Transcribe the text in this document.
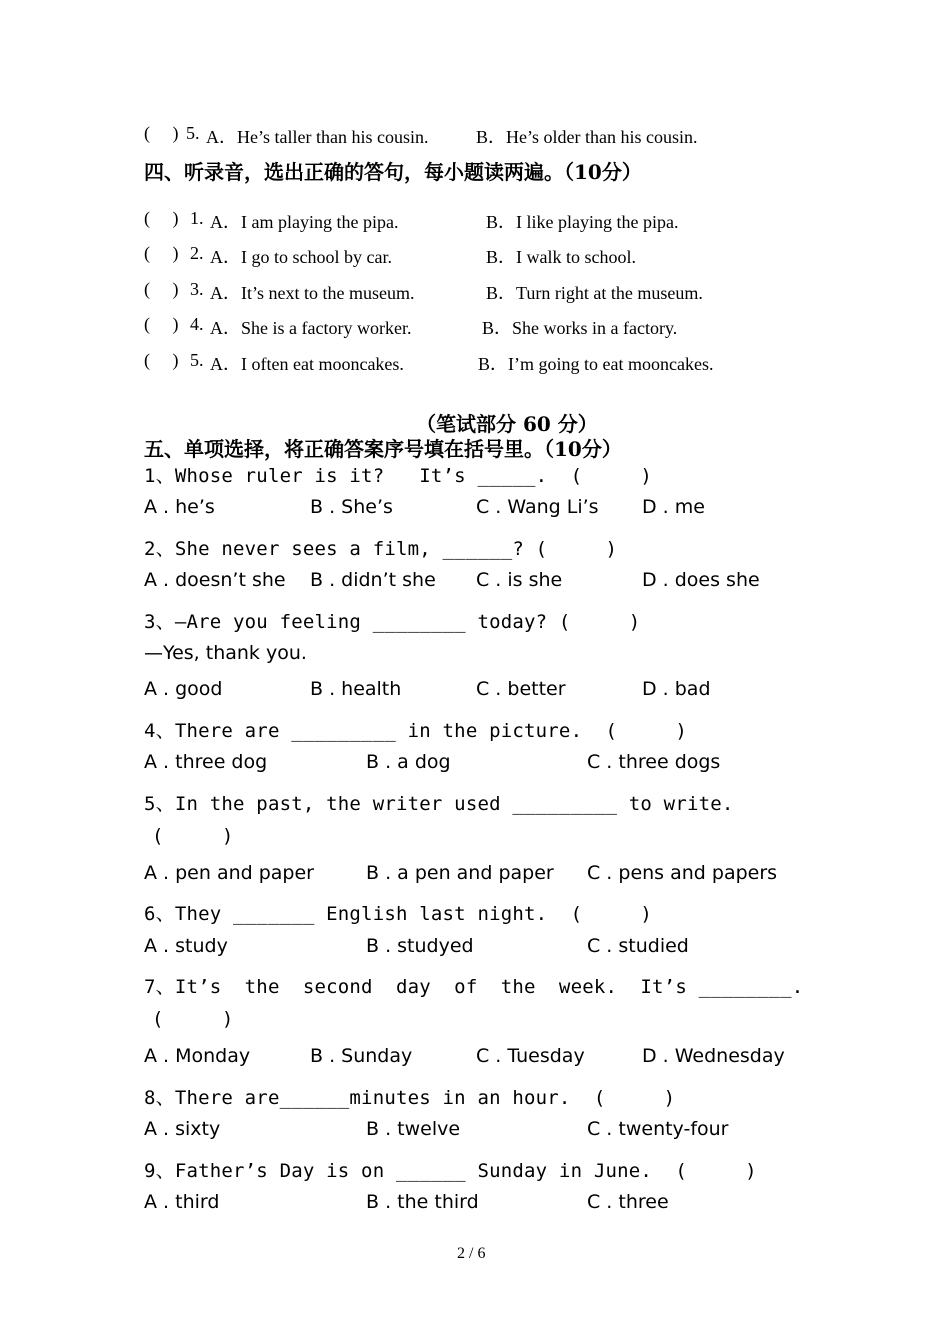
(     ) 5. A．He’s taller than his cousin.	B．He’s older than his cousin.
四、听录音，选出正确的答句，每小题读两遍。（10分）
(     ) 1. A．I am playing the pipa.	B．I like playing the pipa.
(     ) 2. A．I go to school by car.	B．I walk to school.
(     ) 3. A．It’s next to the museum.	B．Turn right at the museum.
(     ) 4. A．She is a factory worker.	B．She works in a factory.
(     ) 5. A．I often eat mooncakes.	B．I’m going to eat mooncakes.
（笔试部分 60 分）
五、单项选择，将正确答案序号填在括号里。（10分）
1、Whose ruler is it?   It’s _____.  (     )
A . he’s	B . She’s	C . Wang Li’s D . me
2、She never sees a film, ______? (     )
A . doesn’t she B . didn’t she C . is she	D . does she
3、—Are you feeling ________ today? (     )
—Yes, thank you.
A . good	B . health	C . better	D . bad
4、There are _________ in the picture.  (     )
A . three dog	B . a dog	C . three dogs
5、In the past, the writer used _________ to write.
(     )
A . pen and paper	B . a pen and paper C . pens and papers
6、They _______ English last night.  (     )
A . study	B . studyed	C . studied
7、It’s  the  second  day  of  the  week.  It’s ________.
(     )
A . Monday	B . Sunday	C . Tuesday	D . Wednesday
8、There are______minutes in an hour.  (     )
A . sixty	B . twelve	C . twenty-four
9、Father’s Day is on ______ Sunday in June.  (     )
A . third	B . the third	C . three
2 / 6
